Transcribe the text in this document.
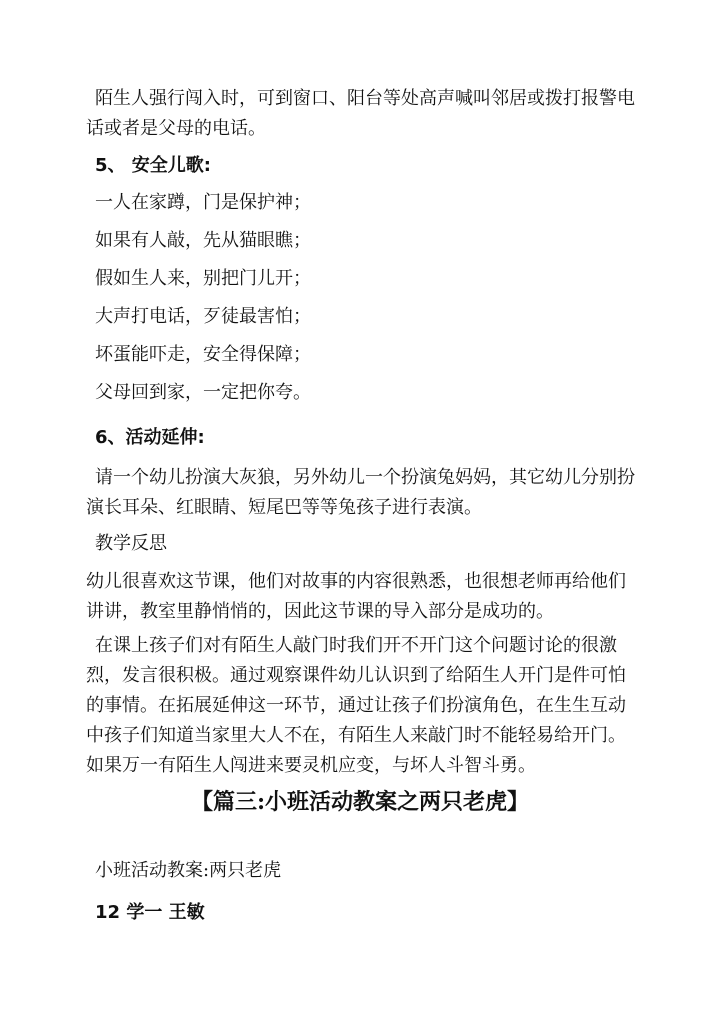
陌生人强行闯入时，可到窗口、阳台等处高声喊叫邻居或拨打报警电
话或者是父母的电话。
5、 安全儿歌:
一人在家蹲，门是保护神；
如果有人敲，先从猫眼瞧；
假如生人来，别把门儿开；
大声打电话，歹徒最害怕；
坏蛋能吓走，安全得保障；
父母回到家，一定把你夸。
6、活动延伸:
请一个幼儿扮演大灰狼，另外幼儿一个扮演兔妈妈，其它幼儿分别扮
演长耳朵、红眼睛、短尾巴等等兔孩子进行表演。
教学反思
幼儿很喜欢这节课，他们对故事的内容很熟悉，也很想老师再给他们
讲讲，教室里静悄悄的，因此这节课的导入部分是成功的。
在课上孩子们对有陌生人敲门时我们开不开门这个问题讨论的很激
烈，发言很积极。通过观察课件幼儿认识到了给陌生人开门是件可怕
的事情。在拓展延伸这一环节，通过让孩子们扮演角色，在生生互动
中孩子们知道当家里大人不在，有陌生人来敲门时不能轻易给开门。
如果万一有陌生人闯进来要灵机应变，与坏人斗智斗勇。
【篇三:小班活动教案之两只老虎】
小班活动教案:两只老虎
12 学一 王敏
